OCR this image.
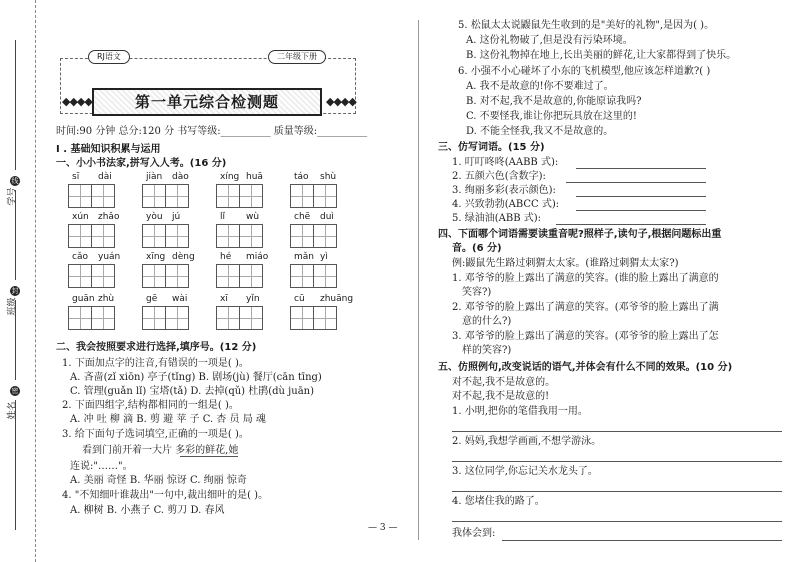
线
封
密
学号
班级
姓名
RJ语文	二年级下册
◆◆◆◆	◆◆◆◆
第一单元综合检测题
时间:90 分钟 总分:120 分 书写等级:__________ 质量等级:__________
Ⅰ . 基础知识积累与运用
一、小小书法家,拼写入人考。(16 分)
sī dài	jiàn dào	xíng huā	táo shù
xún zhǎo	yòu jú	lǐ wù	chē duì
cǎo yuán	xīng dèng	hé miáo	mǎn yì
guān zhù	gē wài	xī yǐn	cū zhuāng
二、我会按照要求进行选择,填序号。(12 分)
1. 下面加点字的注音,有错误的一项是( )。
A. 吝啬(zǐ xiōn) 亭子(tǐng) B. 剧场(jù) 餐厅(cān tīng)
C. 管理(guǎn lǐ) 宝塔(tǎ) D. 去掉(qǔ) 杜鹃(dù juān)
2. 下面四组字,结构都相同的一组是( )。
A. 冲 吐 柳 滴 B. 剪 避 苹 子 C. 杏 员 局 魂
3. 给下面句子选词填空,正确的一项是( )。
看到门前开着一大片 多彩的鲜花,她
连说:"……"。
A. 美丽 奇怪 B. 华丽 惊讶 C. 绚丽 惊奇
4. "不知细叶谁裁出"一句中,裁出细叶的是( )。
A. 柳树 B. 小燕子 C. 剪刀 D. 春风
— 3 —
5. 松鼠太太说鼹鼠先生收到的是"美好的礼物",是因为( )。
A. 这份礼物破了,但是没有污染环境。
B. 这份礼物掉在地上,长出美丽的鲜花,让大家都得到了快乐。
6. 小强不小心碰坏了小东的飞机模型,他应该怎样道歉?( )
A. 我不是故意的!你不要难过了。
B. 对不起,我不是故意的,你能原谅我吗?
C. 不要怪我,谁让你把玩具放在这里的!
D. 不能全怪我,我又不是故意的。
三、仿写词语。(15 分)
1. 叮叮咚咚(AABB 式):
2. 五颜六色(含数字):
3. 绚丽多彩(表示颜色):
4. 兴致勃勃(ABCC 式):
5. 绿油油(ABB 式):
四、下面哪个词语需要读重音呢?照样子,读句子,根据问题标出重
音。(6 分)
例:鼹鼠先生路过刺猬太太家。(谁路过刺猬太太家?)
1. 邓爷爷的脸上露出了满意的笑容。(谁的脸上露出了满意的
笑容?)
2. 邓爷爷的脸上露出了满意的笑容。(邓爷爷的脸上露出了满
意的什么?)
3. 邓爷爷的脸上露出了满意的笑容。(邓爷爷的脸上露出了怎
样的笑容?)
五、仿照例句,改变说话的语气,并体会有什么不同的效果。(10 分)
对不起,我不是故意的。
对不起,我不是故意的!
1. 小明,把你的笔借我用一用。
2. 妈妈,我想学画画,不想学游泳。
3. 这位同学,你忘记关水龙头了。
4. 您堵住我的路了。
我体会到:
